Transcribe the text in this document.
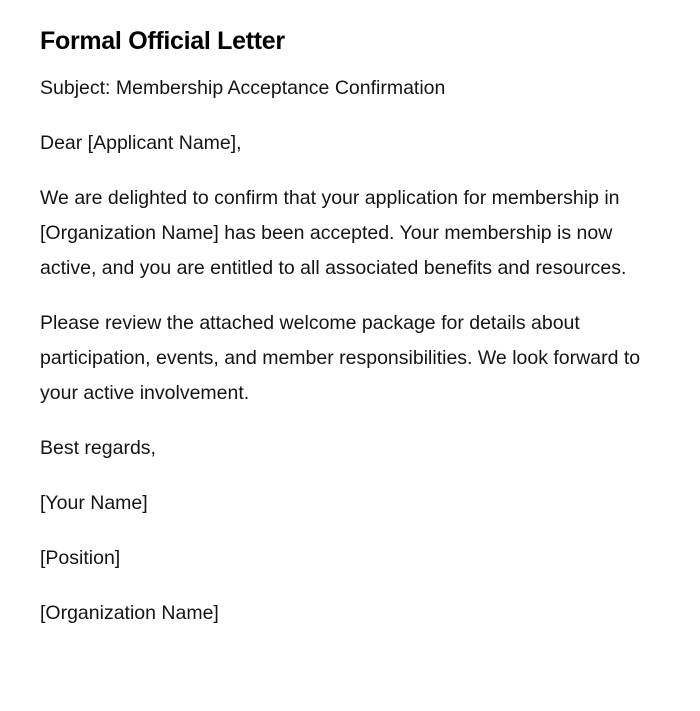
Formal Official Letter

Subject: Membership Acceptance Confirmation

Dear [Applicant Name],

We are delighted to confirm that your application for membership in [Organization Name] has been accepted. Your membership is now active, and you are entitled to all associated benefits and resources.

Please review the attached welcome package for details about participation, events, and member responsibilities. We look forward to your active involvement.

Best regards,

[Your Name]

[Position]

[Organization Name]
